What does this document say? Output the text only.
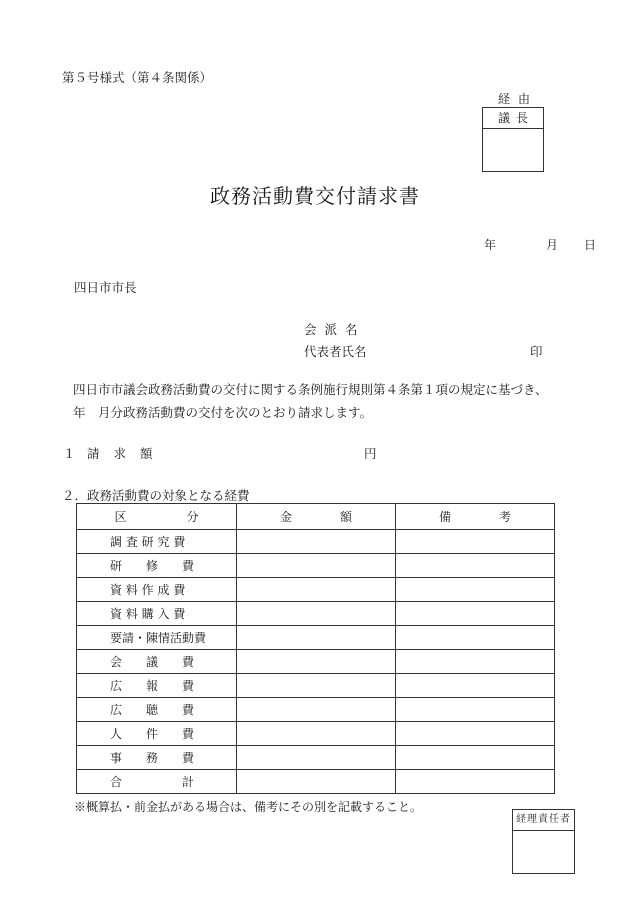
第５号様式（第４条関係）
経由
議長
政務活動費交付請求書
年	月 日
四日市市長
会派名
代表者氏名	印
四日市市議会政務活動費の交付に関する条例施行規則第４条第１項の規定に基づき、
年　月分政務活動費の交付を次のとおり請求します。
１ 請求額	円
２．政務活動費の対象となる経費
区　　　　　分	金　　　　額	備　　　　考
調 査 研 究 費		
研　　修　　費		
資 料 作 成 費		
資 料 購 入 費		
要請・陳情活動費		
会　　議　　費		
広　　報　　費		
広　　聴　　費		
人　　件　　費		
事　　務　　費		
合　　　　　計		
※概算払・前金払がある場合は、備考にその別を記載すること。
経理責任者
